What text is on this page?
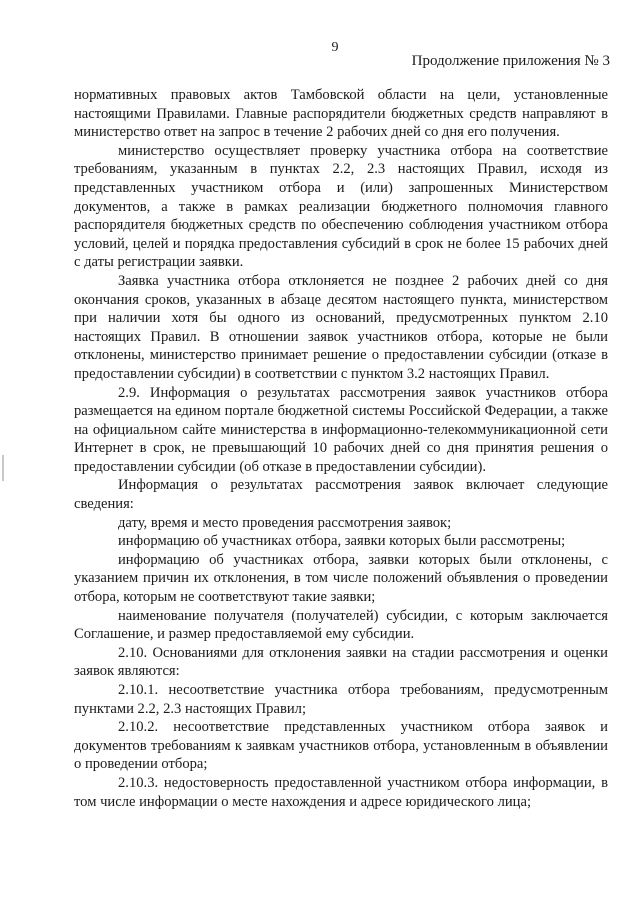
9

Продолжение приложения № 3

нормативных правовых актов Тамбовской области на цели, установленные настоящими Правилами. Главные распорядители бюджетных средств направляют в министерство ответ на запрос в течение 2 рабочих дней со дня его получения.

министерство осуществляет проверку участника отбора на соответствие требованиям, указанным в пунктах 2.2, 2.3 настоящих Правил, исходя из представленных участником отбора и (или) запрошенных Министерством документов, а также в рамках реализации бюджетного полномочия главного распорядителя бюджетных средств по обеспечению соблюдения участником отбора условий, целей и порядка предоставления субсидий в срок не более 15 рабочих дней с даты регистрации заявки.

Заявка участника отбора отклоняется не позднее 2 рабочих дней со дня окончания сроков, указанных в абзаце десятом настоящего пункта, министерством при наличии хотя бы одного из оснований, предусмотренных пунктом 2.10 настоящих Правил. В отношении заявок участников отбора, которые не были отклонены, министерство принимает решение о предоставлении субсидии (отказе в предоставлении субсидии) в соответствии с пунктом 3.2 настоящих Правил.

2.9. Информация о результатах рассмотрения заявок участников отбора размещается на едином портале бюджетной системы Российской Федерации, а также на официальном сайте министерства в информационно-телекоммуникационной сети Интернет в срок, не превышающий 10 рабочих дней со дня принятия решения о предоставлении субсидии (об отказе в предоставлении субсидии).

Информация о результатах рассмотрения заявок включает следующие сведения:

дату, время и место проведения рассмотрения заявок;

информацию об участниках отбора, заявки которых были рассмотрены;

информацию об участниках отбора, заявки которых были отклонены, с указанием причин их отклонения, в том числе положений объявления о проведении отбора, которым не соответствуют такие заявки;

наименование получателя (получателей) субсидии, с которым заключается Соглашение, и размер предоставляемой ему субсидии.

2.10. Основаниями для отклонения заявки на стадии рассмотрения и оценки заявок являются:

2.10.1. несоответствие участника отбора требованиям, предусмотренным пунктами 2.2, 2.3 настоящих Правил;

2.10.2. несоответствие представленных участником отбора заявок и документов требованиям к заявкам участников отбора, установленным в объявлении о проведении отбора;

2.10.3. недостоверность предоставленной участником отбора информации, в том числе информации о месте нахождения и адресе юридического лица;
